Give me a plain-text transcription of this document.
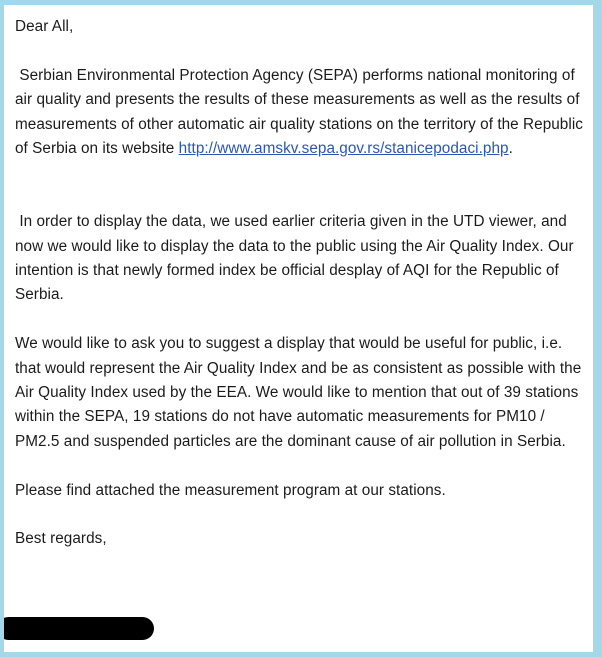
Dear All,

Serbian Environmental Protection Agency (SEPA) performs national monitoring of air quality and presents the results of these measurements as well as the results of measurements of other automatic air quality stations on the territory of the Republic of Serbia on its website http://www.amskv.sepa.gov.rs/stanicepodaci.php.

In order to display the data, we used earlier criteria given in the UTD viewer, and now we would like to display the data to the public using the Air Quality Index. Our intention is that newly formed index be official desplay of AQI for the Republic of Serbia.

We would like to ask you to suggest a display that would be useful for public, i.e. that would represent the Air Quality Index and be as consistent as possible with the Air Quality Index used by the EEA. We would like to mention that out of 39 stations within the SEPA, 19 stations do not have automatic measurements for PM10 / PM2.5 and suspended particles are the dominant cause of air pollution in Serbia.

Please find attached the measurement program at our stations.

Best regards,
